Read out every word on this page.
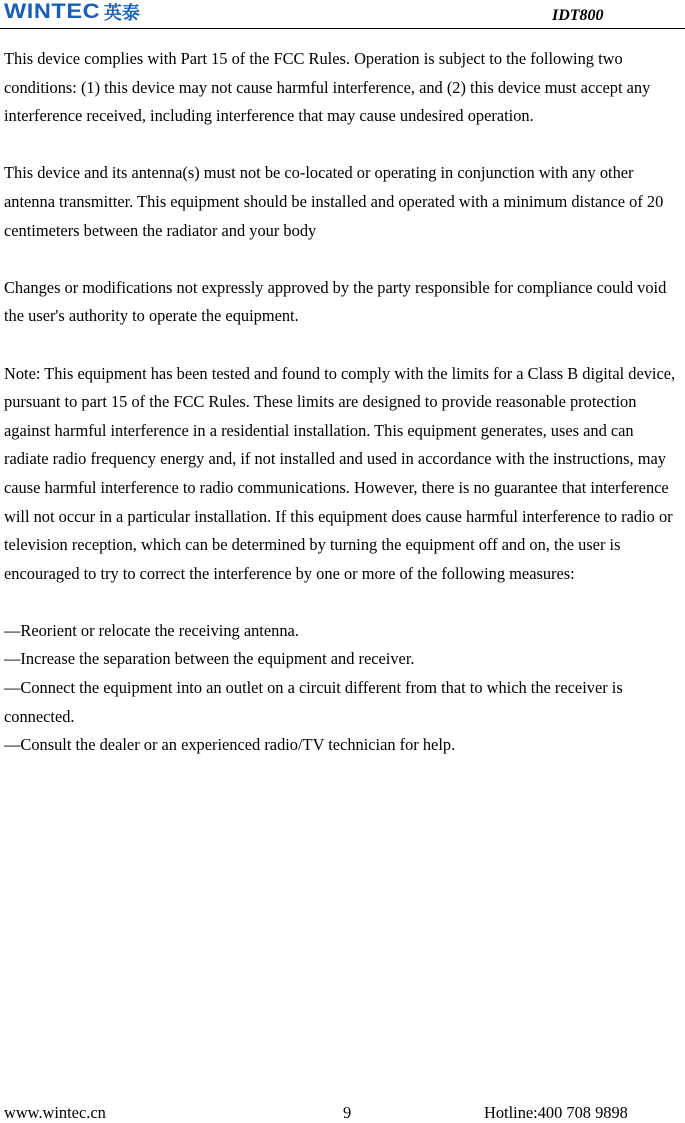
WINTEC 英泰	IDT800

This device complies with Part 15 of the FCC Rules. Operation is subject to the following two conditions: (1) this device may not cause harmful interference, and (2) this device must accept any interference received, including interference that may cause undesired operation.

This device and its antenna(s) must not be co-located or operating in conjunction with any other antenna transmitter. This equipment should be installed and operated with a minimum distance of 20 centimeters between the radiator and your body

Changes or modifications not expressly approved by the party responsible for compliance could void the user's authority to operate the equipment.

Note: This equipment has been tested and found to comply with the limits for a Class B digital device, pursuant to part 15 of the FCC Rules. These limits are designed to provide reasonable protection against harmful interference in a residential installation. This equipment generates, uses and can radiate radio frequency energy and, if not installed and used in accordance with the instructions, may cause harmful interference to radio communications. However, there is no guarantee that interference will not occur in a particular installation. If this equipment does cause harmful interference to radio or television reception, which can be determined by turning the equipment off and on, the user is encouraged to try to correct the interference by one or more of the following measures:

—Reorient or relocate the receiving antenna.

—Increase the separation between the equipment and receiver.

—Connect the equipment into an outlet on a circuit different from that to which the receiver is connected.

—Consult the dealer or an experienced radio/TV technician for help.

www.wintec.cn	9	Hotline:400 708 9898
